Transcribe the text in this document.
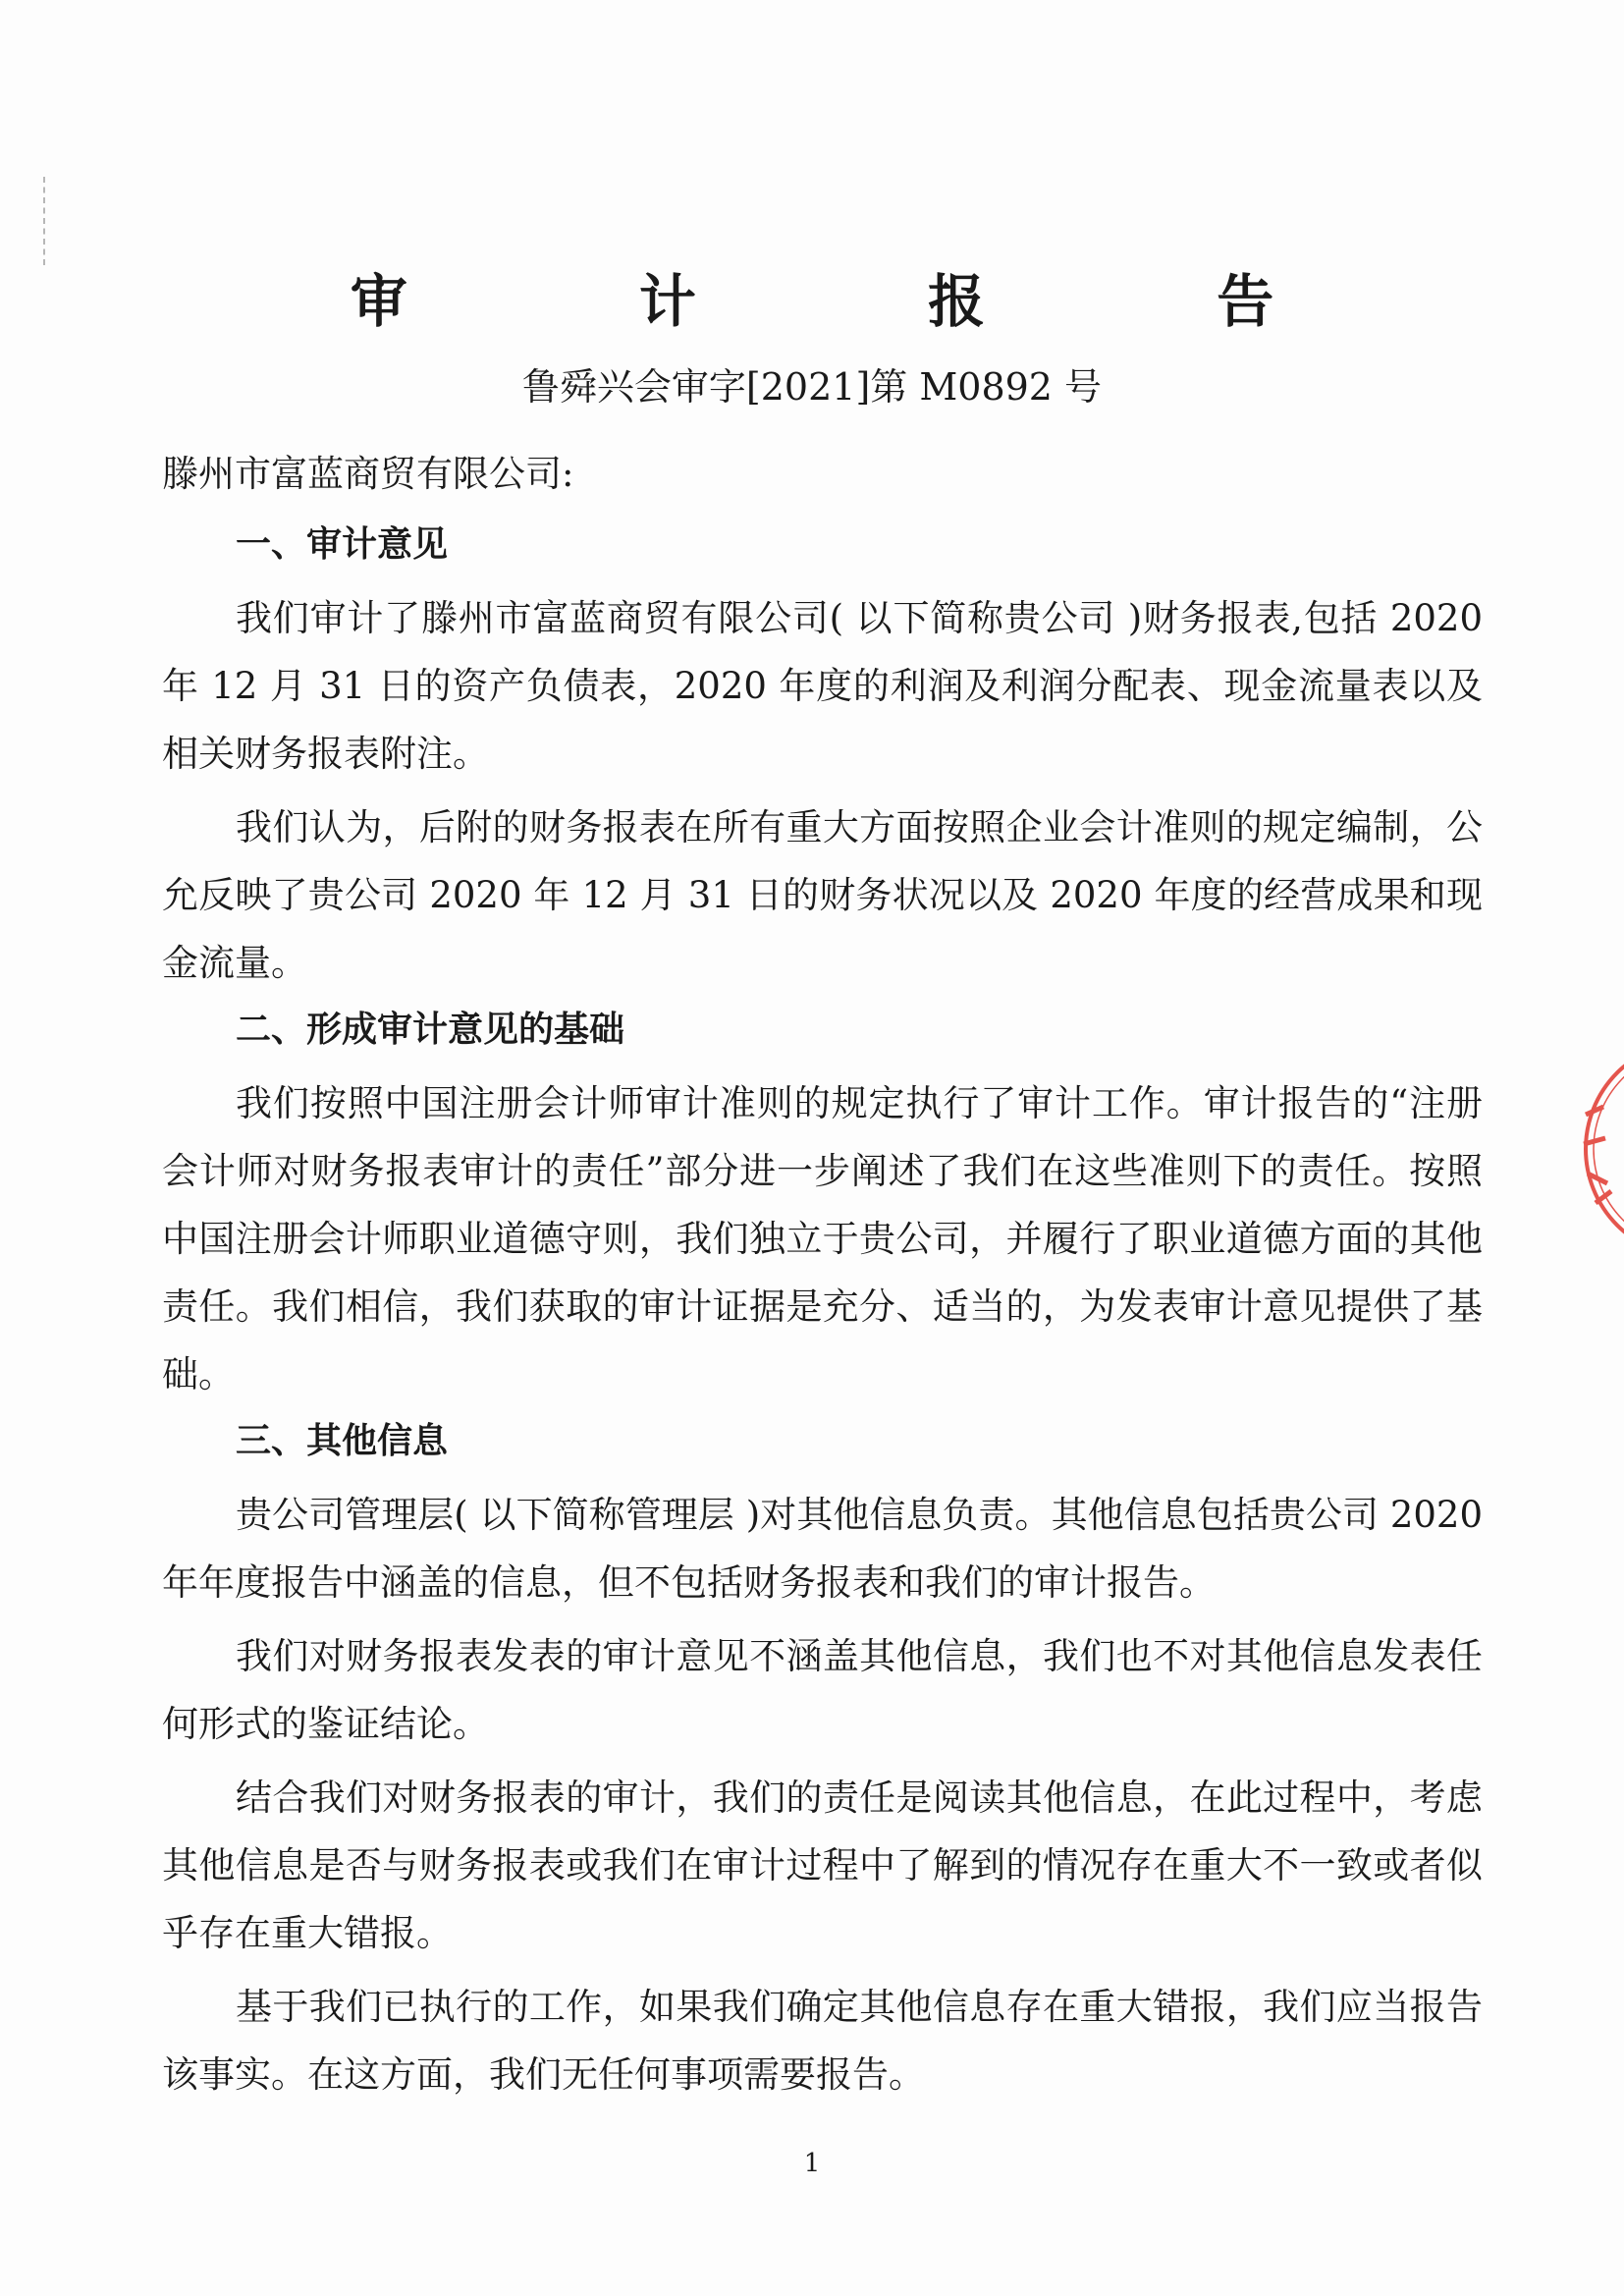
审 计 报 告
鲁舜兴会审字[2021]第 M0892 号
滕州市富蓝商贸有限公司:
一、审计意见

我们审计了滕州市富蓝商贸有限公司( 以下简称贵公司 )财务报表,包括 2020 年 12 月 31 日的资产负债表，2020 年度的利润及利润分配表、现金流量表以及相关财务报表附注。

我们认为，后附的财务报表在所有重大方面按照企业会计准则的规定编制，公允反映了贵公司 2020 年 12 月 31 日的财务状况以及 2020 年度的经营成果和现金流量。

二、形成审计意见的基础

我们按照中国注册会计师审计准则的规定执行了审计工作。审计报告的“注册会计师对财务报表审计的责任”部分进一步阐述了我们在这些准则下的责任。按照中国注册会计师职业道德守则，我们独立于贵公司，并履行了职业道德方面的其他责任。我们相信，我们获取的审计证据是充分、适当的，为发表审计意见提供了基础。

三、其他信息

贵公司管理层( 以下简称管理层 )对其他信息负责。其他信息包括贵公司 2020 年年度报告中涵盖的信息，但不包括财务报表和我们的审计报告。

我们对财务报表发表的审计意见不涵盖其他信息，我们也不对其他信息发表任何形式的鉴证结论。

结合我们对财务报表的审计，我们的责任是阅读其他信息，在此过程中，考虑其他信息是否与财务报表或我们在审计过程中了解到的情况存在重大不一致或者似乎存在重大错报。

基于我们已执行的工作，如果我们确定其他信息存在重大错报，我们应当报告该事实。在这方面，我们无任何事项需要报告。

1
